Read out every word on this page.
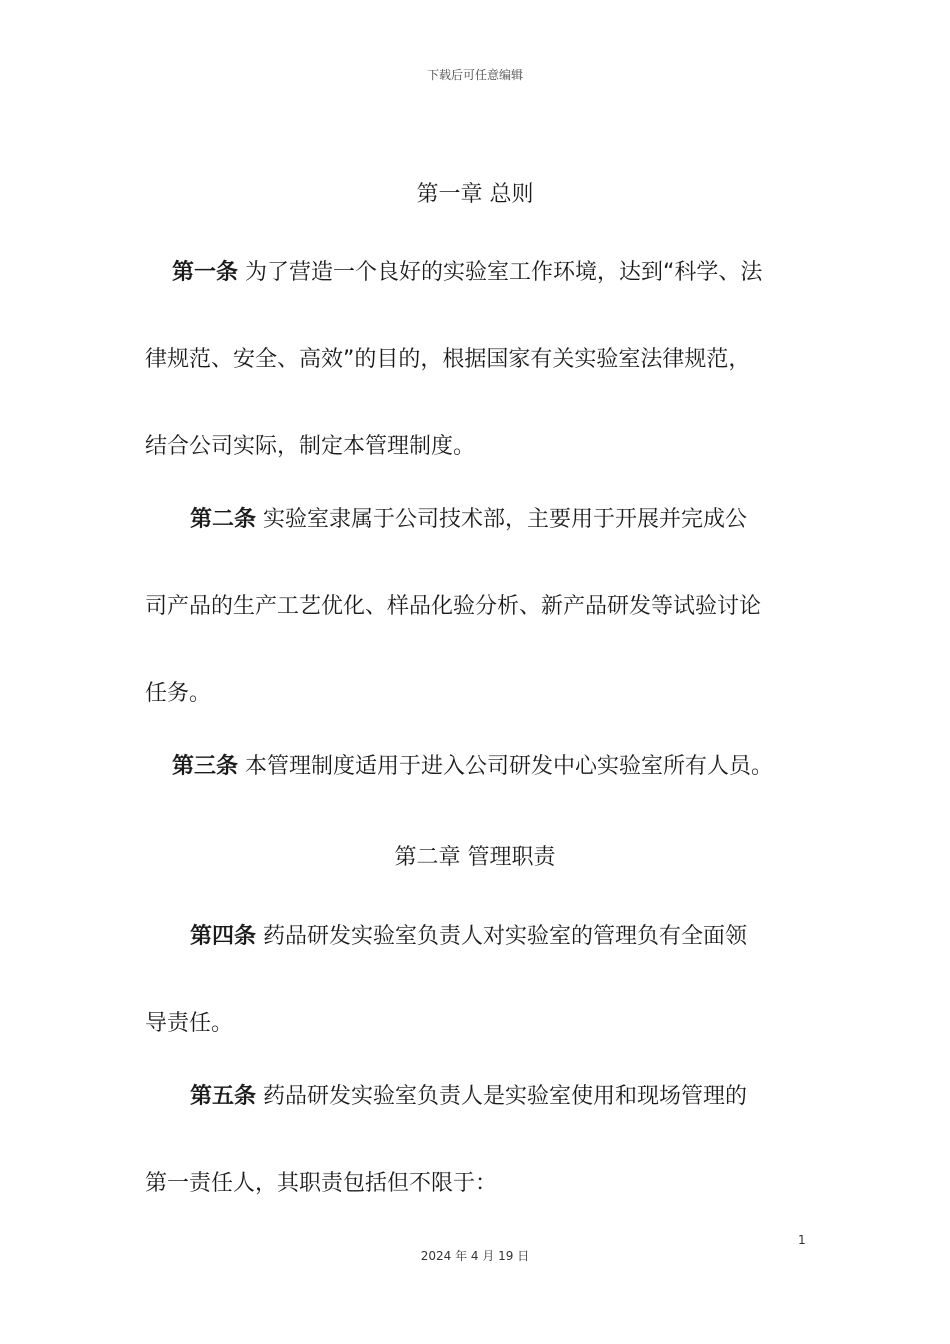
下载后可任意编辑
第一章 总则
第一条 为了营造一个良好的实验室工作环境，达到“科学、法
律规范、安全、高效”的目的，根据国家有关实验室法律规范，
结合公司实际，制定本管理制度。
第二条 实验室隶属于公司技术部，主要用于开展并完成公
司产品的生产工艺优化、样品化验分析、新产品研发等试验讨论
任务。
第三条 本管理制度适用于进入公司研发中心实验室所有人员。
第二章 管理职责
第四条 药品研发实验室负责人对实验室的管理负有全面领
导责任。
第五条 药品研发实验室负责人是实验室使用和现场管理的
第一责任人，其职责包括但不限于：
1
2024 年 4 月 19 日
